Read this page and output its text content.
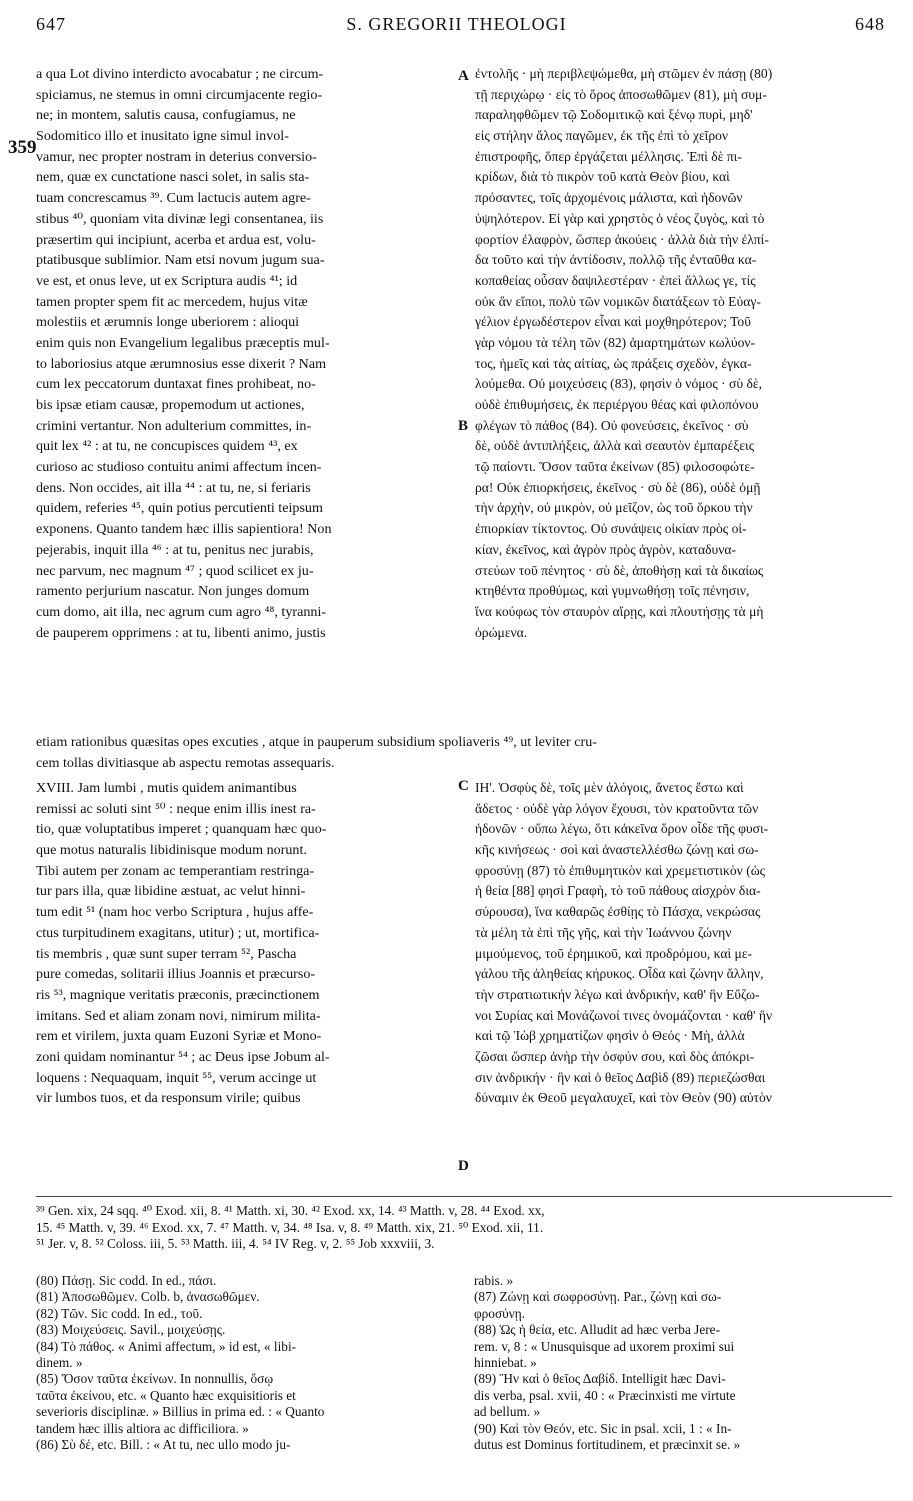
647	S. GREGORII THEOLOGI	648
359
A
B
C
D
a qua Lot divino interdicto avocabatur ; ne circum-
spiciamus, ne stemus in omni circumjacente regio-
ne; in montem, salutis causa, confugiamus, ne
Sodomitico illo et inusitato igne simul invol-
vamur, nec propter nostram in deterius conversio-
nem, quæ ex cunctatione nasci solet, in salis sta-
tuam concrescamus ³⁹. Cum lactucis autem agre-
stibus ⁴⁰, quoniam vita divinæ legi consentanea, iis
præsertim qui incipiunt, acerba et ardua est, volu-
ptatibusque sublimior. Nam etsi novum jugum sua-
ve est, et onus leve, ut ex Scriptura audis ⁴¹; id
tamen propter spem fit ac mercedem, hujus vitæ
molestiis et ærumnis longe uberiorem : alioqui
enim quis non Evangelium legalibus præceptis mul-
to laboriosius atque ærumnosius esse dixerit ? Nam
cum lex peccatorum duntaxat fines prohibeat, no-
bis ipsæ etiam causæ, propemodum ut actiones,
crimini vertantur. Non adulterium committes, in-
quit lex ⁴² : at tu, ne concupisces quidem ⁴³, ex
curioso ac studioso contuitu animi affectum incen-
dens. Non occides, ait illa ⁴⁴ : at tu, ne, si feriaris
quidem, referies ⁴⁵, quin potius percutienti teipsum
exponens. Quanto tandem hæc illis sapientiora! Non
pejerabis, inquit illa ⁴⁶ : at tu, penitus nec jurabis,
nec parvum, nec magnum ⁴⁷ ; quod scilicet ex ju-
ramento perjurium nascatur. Non junges domum
cum domo, ait illa, nec agrum cum agro ⁴⁸, tyranni-
de pauperem opprimens : at tu, libenti animo, justis
ἐντολῆς · μὴ περιβλεψώμεθα, μὴ στῶμεν ἐν πάσῃ (80)
τῇ περιχώρῳ · εἰς τὸ ὄρος ἀποσωθῶμεν (81), μὴ συμ-
παραληφθῶμεν τῷ Σοδομιτικῷ καὶ ξένῳ πυρὶ, μηδ'
εἰς στήλην ἅλος παγῶμεν, ἐκ τῆς ἐπὶ τὸ χεῖρον
ἐπιστροφῆς, ὅπερ ἐργάζεται μέλλησις. Ἐπὶ δὲ πι-
κρίδων, διὰ τὸ πικρὸν τοῦ κατὰ Θεὸν βίου, καὶ
πρόσαντες, τοῖς ἀρχομένοις μάλιστα, καὶ ἡδονῶν
ὑψηλότερον. Εἰ γὰρ καὶ χρηστὸς ὁ νέος ζυγὸς, καὶ τὸ
φορτίον ἐλαφρὸν, ὥσπερ ἀκούεις · ἀλλὰ διὰ τὴν ἐλπί-
δα τοῦτο καὶ τὴν ἀντίδοσιν, πολλῷ τῆς ἐνταῦθα κα-
κοπαθείας οὖσαν δαψιλεστέραν · ἐπεὶ ἄλλως γε, τίς
οὐκ ἂν εἴποι, πολὺ τῶν νομικῶν διατάξεων τὸ Εὐαγ-
γέλιον ἐργωδέστερον εἶναι καὶ μοχθηρότερον; Τοῦ
γὰρ νόμου τὰ τέλη τῶν (82) ἁμαρτημάτων κωλύον-
τος, ἡμεῖς καὶ τὰς αἰτίας, ὡς πράξεις σχεδὸν, ἐγκα-
λούμεθα. Οὐ μοιχεύσεις (83), φησὶν ὁ νόμος · σὺ δὲ,
οὐδὲ ἐπιθυμήσεις, ἐκ περιέργου θέας καὶ φιλοπόνου
φλέγων τὸ πάθος (84). Οὐ φονεύσεις, ἐκεῖνος · σὺ
δὲ, οὐδὲ ἀντιπλήξεις, ἀλλὰ καὶ σεαυτὸν ἐμπαρέξεις
τῷ παίοντι. Ὅσον ταῦτα ἐκείνων (85) φιλοσοφώτε-
ρα! Οὐκ ἐπιορκήσεις, ἐκεῖνος · σὺ δὲ (86), οὐδὲ ὀμῇ
τὴν ἀρχὴν, οὐ μικρὸν, οὐ μεῖζον, ὡς τοῦ ὅρκου τὴν
ἐπιορκίαν τίκτοντος. Οὐ συνάψεις οἰκίαν πρὸς οἰ-
κίαν, ἐκεῖνος, καὶ ἀγρὸν πρὸς ἀγρὸν, καταδυνα-
στεύων τοῦ πένητος · σὺ δὲ, ἀποθήσῃ καὶ τὰ δικαίως
κτηθέντα προθύμως, καὶ γυμνωθήσῃ τοῖς πένησιν,
ἵνα κούφως τὸν σταυρὸν αἴρῃς, καὶ πλουτήσῃς τὰ μὴ
ὁρώμενα.
etiam rationibus quæsitas opes excuties , atque in pauperum subsidium spoliaveris ⁴⁹, ut leviter cru-
cem tollas divitiasque ab aspectu remotas assequaris.
XVIII. Jam lumbi , mutis quidem animantibus
remissi ac soluti sint ⁵⁰ : neque enim illis inest ra-
tio, quæ voluptatibus imperet ; quanquam hæc quo-
que motus naturalis libidinisque modum norunt.
Tibi autem per zonam ac temperantiam restringa-
tur pars illa, quæ libidine æstuat, ac velut hinni-
tum edit ⁵¹ (nam hoc verbo Scriptura , hujus affe-
ctus turpitudinem exagitans, utitur) ; ut, mortifica-
tis membris , quæ sunt super terram ⁵², Pascha
pure comedas, solitarii illius Joannis et præcurso-
ris ⁵³, magnique veritatis præconis, præcinctionem
imitans. Sed et aliam zonam novi, nimirum milita-
rem et virilem, juxta quam Euzoni Syriæ et Mono-
zoni quidam nominantur ⁵⁴ ; ac Deus ipse Jobum al-
loquens : Nequaquam, inquit ⁵⁵, verum accinge ut
vir lumbos tuos, et da responsum virile; quibus
ΙΗ'. Ὀσφὺς δὲ, τοῖς μὲν ἀλόγοις, ἄνετος ἔστω καὶ
ἄδετος · οὐδὲ γὰρ λόγον ἔχουσι, τὸν κρατοῦντα τῶν
ἡδονῶν · οὔπω λέγω, ὅτι κἀκεῖνα ὅρον οἶδε τῆς φυσι-
κῆς κινήσεως · σοὶ καὶ ἀναστελλέσθω ζώνῃ καὶ σω-
φροσύνῃ (87) τὸ ἐπιθυμητικὸν καὶ χρεμετιστικὸν (ὡς
ἡ θεία [88] φησὶ Γραφὴ, τὸ τοῦ πάθους αἰσχρὸν δια-
σύρουσα), ἵνα καθαρῶς ἐσθίῃς τὸ Πάσχα, νεκρώσας
τὰ μέλη τὰ ἐπὶ τῆς γῆς, καὶ τὴν Ἰωάννου ζώνην
μιμούμενος, τοῦ ἐρημικοῦ, καὶ προδρόμου, καὶ με-
γάλου τῆς ἀληθείας κήρυκος. Οἶδα καὶ ζώνην ἄλλην,
τὴν στρατιωτικήν λέγω καὶ ἀνδρικήν, καθ' ἣν Εὔζω-
νοι Συρίας καὶ Μονάζωνοί τινες ὀνομάζονται · καθ' ἣν
καὶ τῷ Ἰὼβ χρηματίζων φησὶν ὁ Θεός · Μὴ, ἀλλὰ
ζῶσαι ὥσπερ ἀνὴρ τὴν ὀσφύν σου, καὶ δὸς ἀπόκρι-
σιν ἀνδρικήν · ἣν καὶ ὁ θεῖος Δαβὶδ (89) περιεζώσθαι
δύναμιν ἐκ Θεοῦ μεγαλαυχεῖ, καὶ τὸν Θεὸν (90) αὐτὸν
³⁹ Gen. xix, 24 sqq. ⁴⁰ Exod. xii, 8. ⁴¹ Matth. xi, 30. ⁴² Exod. xx, 14. ⁴³ Matth. v, 28. ⁴⁴ Exod. xx,
15. ⁴⁵ Matth. v, 39. ⁴⁶ Exod. xx, 7. ⁴⁷ Matth. v, 34. ⁴⁸ Isa. v, 8. ⁴⁹ Matth. xix, 21. ⁵⁰ Exod. xii, 11.
⁵¹ Jer. v, 8. ⁵² Coloss. iii, 5. ⁵³ Matth. iii, 4. ⁵⁴ IV Reg. v, 2. ⁵⁵ Job xxxviii, 3.
(80) Πάσῃ. Sic codd. In ed., πάσι.
(81) Ἀποσωθῶμεν. Colb. b, ἀνασωθῶμεν.
(82) Τῶν. Sic codd. In ed., τοῦ.
(83) Μοιχεύσεις. Savil., μοιχεύσῃς.
(84) Τὸ πάθος. « Animi affectum, » id est, « libi-
dinem. »
(85) Ὅσον ταῦτα ἐκείνων. In nonnullis, ὅσῳ
ταῦτα ἐκείνου, etc. « Quanto hæc exquisitioris et
severioris disciplinæ. » Billius in prima ed. : « Quanto
tandem hæc illis altiora ac difficiliora. »
(86) Σὺ δέ, etc. Bill. : « At tu, nec ullo modo ju-
rabis. »
(87) Ζώνῃ καὶ σωφροσύνῃ. Par., ζώνῃ καὶ σω-
φροσύνῃ.
(88) Ὡς ἡ θεία, etc. Alludit ad hæc verba Jere-
rem. v, 8 : « Unusquisque ad uxorem proximi sui
hinniebat. »
(89) Ἣν καὶ ὁ θεῖος Δαβίδ. Intelligit hæc Davi-
dis verba, psal. xvii, 40 : « Præcinxisti me virtute
ad bellum. »
(90) Καὶ τὸν Θεόν, etc. Sic in psal. xcii, 1 : « In-
dutus est Dominus fortitudinem, et præcinxit se. »
